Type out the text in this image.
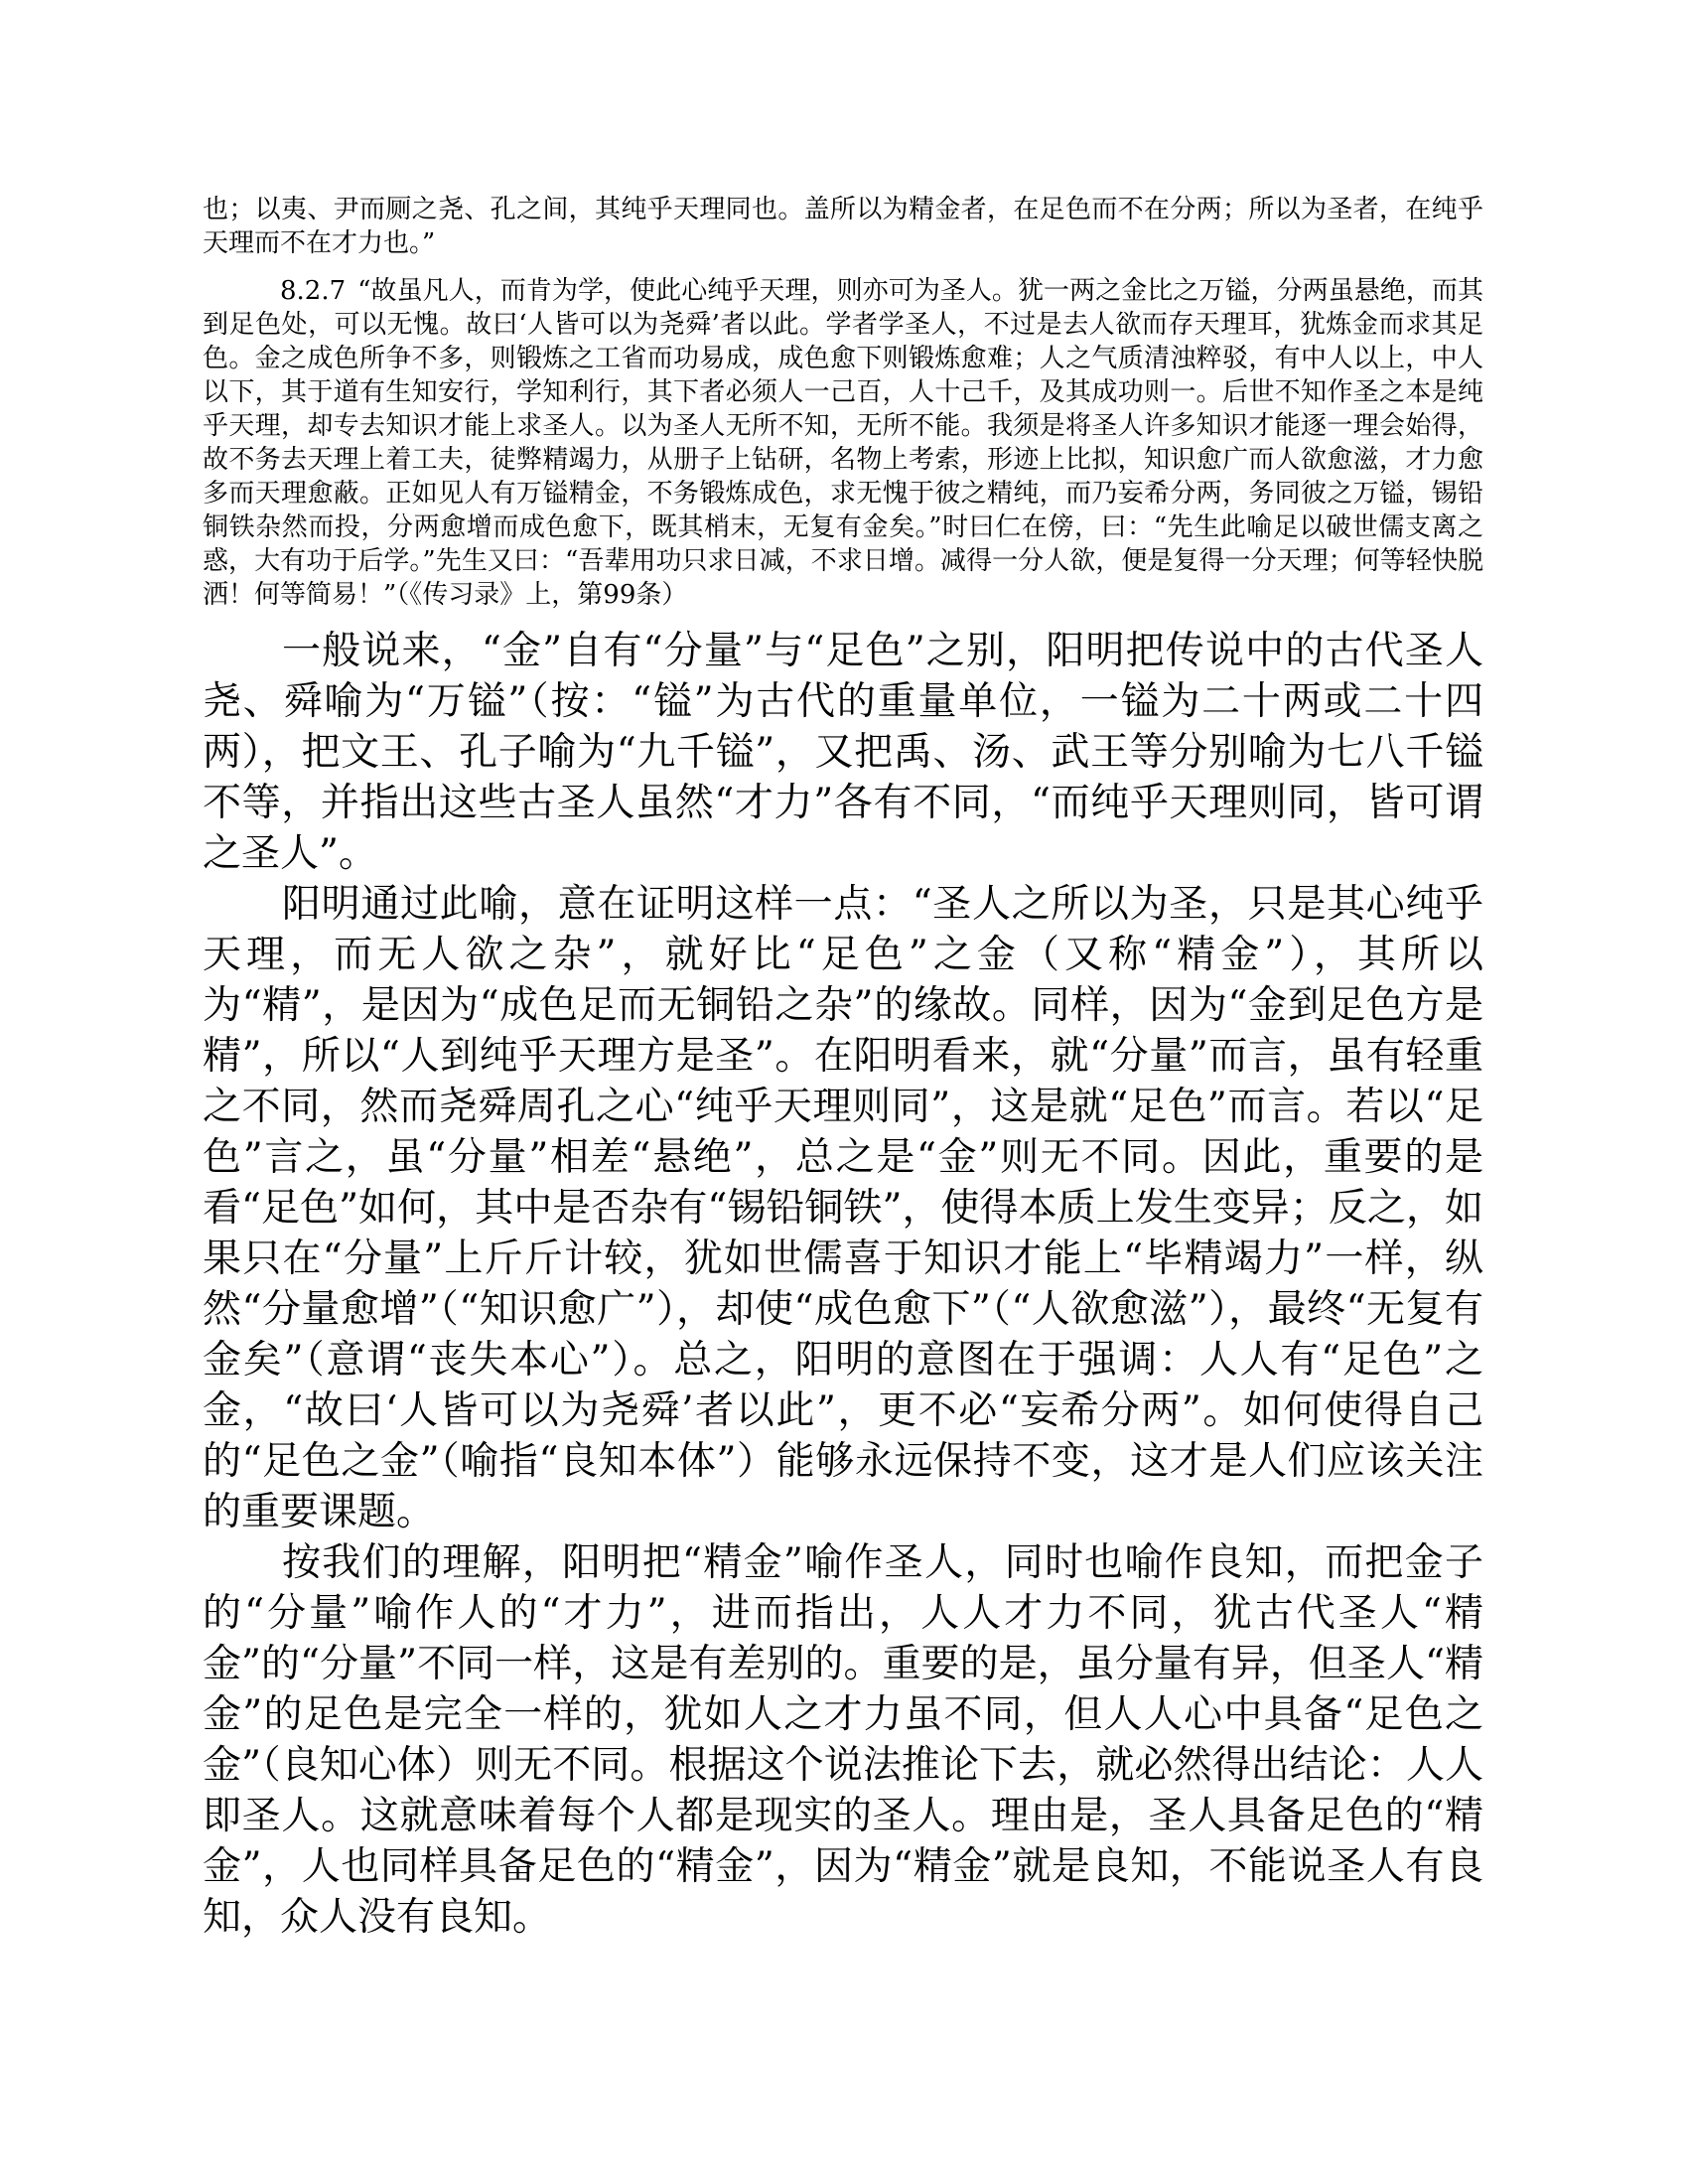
也；以夷、尹而厕之尧、孔之间，其纯乎天理同也。盖所以为精金者，在足色而不在分两；所以为圣者，在纯乎天理而不在才力也。”

8.2.7 “故虽凡人，而肯为学，使此心纯乎天理，则亦可为圣人。犹一两之金比之万镒，分两虽悬绝，而其到足色处，可以无愧。故曰‘人皆可以为尧舜’者以此。学者学圣人，不过是去人欲而存天理耳，犹炼金而求其足色。金之成色所争不多，则锻炼之工省而功易成，成色愈下则锻炼愈难；人之气质清浊粹驳，有中人以上，中人以下，其于道有生知安行，学知利行，其下者必须人一己百，人十己千，及其成功则一。后世不知作圣之本是纯乎天理，却专去知识才能上求圣人。以为圣人无所不知，无所不能。我须是将圣人许多知识才能逐一理会始得，故不务去天理上着工夫，徒弊精竭力，从册子上钻研，名物上考索，形迹上比拟，知识愈广而人欲愈滋，才力愈多而天理愈蔽。正如见人有万镒精金，不务锻炼成色，求无愧于彼之精纯，而乃妄希分两，务同彼之万镒，锡铅铜铁杂然而投，分两愈增而成色愈下，既其梢末，无复有金矣。”时曰仁在傍，曰：“先生此喻足以破世儒支离之惑，大有功于后学。”先生又曰：“吾辈用功只求日减，不求日增。减得一分人欲，便是复得一分天理；何等轻快脱洒！何等简易！”（《传习录》上，第99条）

一般说来，“金”自有“分量”与“足色”之别，阳明把传说中的古代圣人尧、舜喻为“万镒”（按：“镒”为古代的重量单位，一镒为二十两或二十四两），把文王、孔子喻为“九千镒”，又把禹、汤、武王等分别喻为七八千镒不等，并指出这些古圣人虽然“才力”各有不同，“而纯乎天理则同，皆可谓之圣人”。

阳明通过此喻，意在证明这样一点：“圣人之所以为圣，只是其心纯乎天理，而无人欲之杂”，就好比“足色”之金（又称“精金”），其所以为“精”，是因为“成色足而无铜铅之杂”的缘故。同样，因为“金到足色方是精”，所以“人到纯乎天理方是圣”。在阳明看来，就“分量”而言，虽有轻重之不同，然而尧舜周孔之心“纯乎天理则同”，这是就“足色”而言。若以“足色”言之，虽“分量”相差“悬绝”，总之是“金”则无不同。因此，重要的是看“足色”如何，其中是否杂有“锡铅铜铁”，使得本质上发生变异；反之，如果只在“分量”上斤斤计较，犹如世儒喜于知识才能上“毕精竭力”一样，纵然“分量愈增”（“知识愈广”），却使“成色愈下”（“人欲愈滋”），最终“无复有金矣”（意谓“丧失本心”）。总之，阳明的意图在于强调：人人有“足色”之金，“故曰‘人皆可以为尧舜’者以此”，更不必“妄希分两”。如何使得自己的“足色之金”（喻指“良知本体”）能够永远保持不变，这才是人们应该关注的重要课题。

按我们的理解，阳明把“精金”喻作圣人，同时也喻作良知，而把金子的“分量”喻作人的“才力”，进而指出，人人才力不同，犹古代圣人“精金”的“分量”不同一样，这是有差别的。重要的是，虽分量有异，但圣人“精金”的足色是完全一样的，犹如人之才力虽不同，但人人心中具备“足色之金”（良知心体）则无不同。根据这个说法推论下去，就必然得出结论：人人即圣人。这就意味着每个人都是现实的圣人。理由是，圣人具备足色的“精金”，人也同样具备足色的“精金”，因为“精金”就是良知，不能说圣人有良知，众人没有良知。
